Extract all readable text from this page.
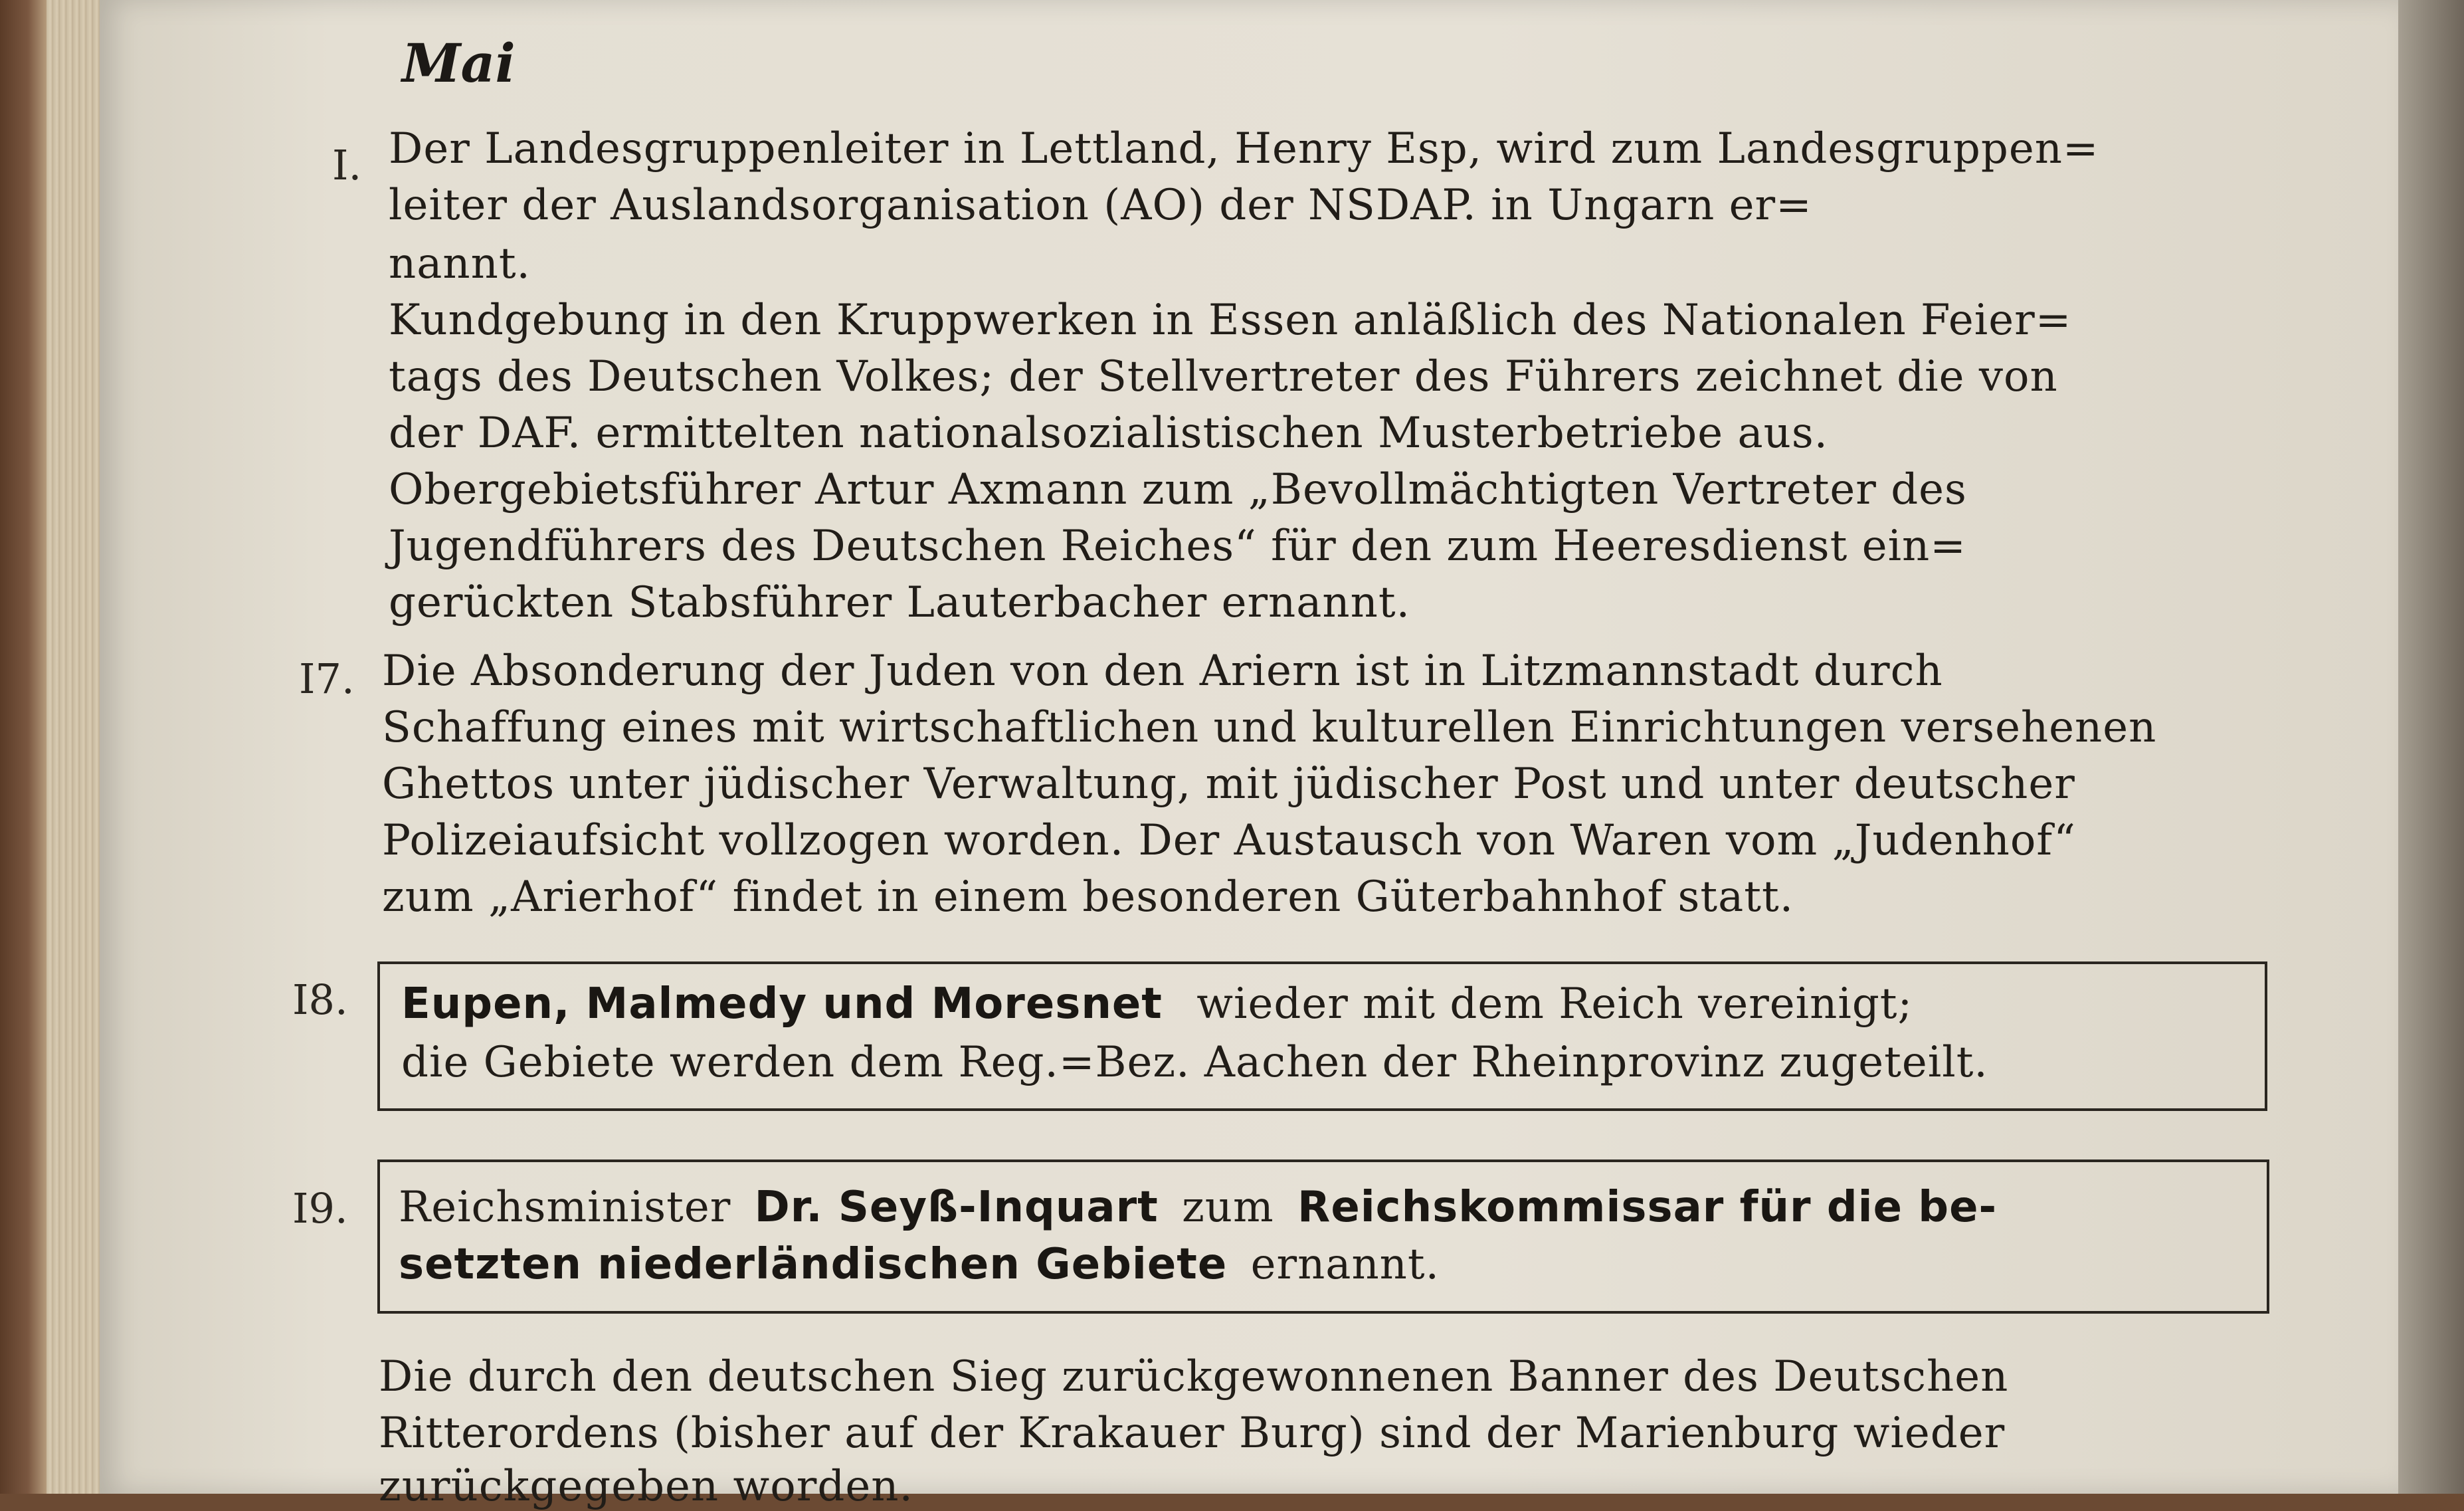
Mai
I. Der Landesgruppenleiter in Lettland, Henry Esp, wird zum Landesgruppen=
leiter der Auslandsorganisation (AO) der NSDAP. in Ungarn er=
nannt.
Kundgebung in den Kruppwerken in Essen anläßlich des Nationalen Feier=
tags des Deutschen Volkes; der Stellvertreter des Führers zeichnet die von
der DAF. ermittelten nationalsozialistischen Musterbetriebe aus.
Obergebietsführer Artur Axmann zum „Bevollmächtigten Vertreter des
Jugendführers des Deutschen Reiches“ für den zum Heeresdienst ein=
gerückten Stabsführer Lauterbacher ernannt.
I7. Die Absonderung der Juden von den Ariern ist in Litzmannstadt durch
Schaffung eines mit wirtschaftlichen und kulturellen Einrichtungen versehenen
Ghettos unter jüdischer Verwaltung, mit jüdischer Post und unter deutscher
Polizeiaufsicht vollzogen worden. Der Austausch von Waren vom „Judenhof“
zum „Arierhof“ findet in einem besonderen Güterbahnhof statt.
I8. Eupen, Malmedy und Moresnet wieder mit dem Reich vereinigt;
die Gebiete werden dem Reg.=Bez. Aachen der Rheinprovinz zugeteilt.
I9. Reichsminister Dr. Seyß-Inquart zum Reichskommissar für die be-
setzten niederländischen Gebiete ernannt.
Die durch den deutschen Sieg zurückgewonnenen Banner des Deutschen
Ritterordens (bisher auf der Krakauer Burg) sind der Marienburg wieder
zurückgegeben worden.
